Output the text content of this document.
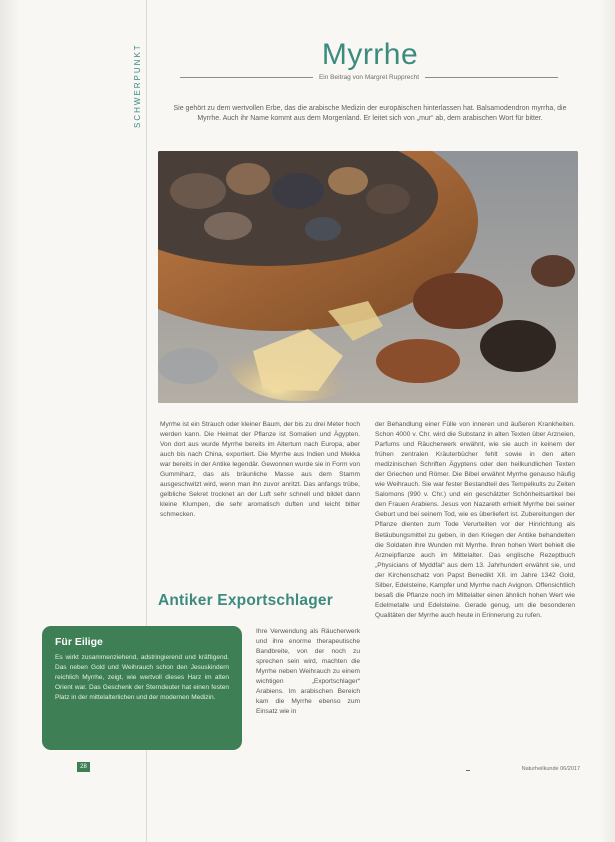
SCHWERPUNKT	Myrrhe
Ein Beitrag von Margret Rupprecht

Sie gehört zu dem wertvollen Erbe, das die arabische Medizin der europäischen hinterlassen hat. Balsamodendron myrrha, die Myrrhe. Auch ihr Name kommt aus dem Morgenland. Er leitet sich von „mur“ ab, dem arabischen Wort für bitter.

Myrrhe ist ein Strauch oder kleiner Baum, der bis zu drei Meter hoch werden kann. Die Heimat der Pflanze ist Somalien und Ägypten. Von dort aus wurde Myrrhe bereits im Altertum nach Europa, aber auch bis nach China, exportiert. Die Myrrhe aus Indien und Mekka war bereits in der Antike legendär. Gewonnen wurde sie in Form von Gummiharz, das als bräunliche Masse aus dem Stamm ausgeschwitzt wird, wenn man ihn zuvor anritzt. Das anfangs trübe, gelbliche Sekret trocknet an der Luft sehr schnell und bildet dann kleine Klumpen, die sehr aromatisch duften und leicht bitter schmecken.
Antiker Exportschlager
Ihre Verwendung als Räucherwerk und ihre enorme therapeutische Bandbreite, von der noch zu sprechen sein wird, machten die Myrrhe neben Weihrauch zu einem wichtigen „Exportschlager“ Arabiens. Im arabischen Bereich kam die Myrrhe ebenso zum Einsatz wie in
der Behandlung einer Fülle von inneren und äußeren Krankheiten. Schon 4000 v. Chr. wird die Substanz in alten Texten über Arzneien, Parfums und Räucherwerk erwähnt, wie sie auch in keinem der frühen zentralen Kräuterbücher fehlt sowie in den alten medizinischen Schriften Ägyptens oder den heilkundlichen Texten der Griechen und Römer. Die Bibel erwähnt Myrrhe genauso häufig wie Weihrauch. Sie war fester Bestandteil des Tempelkults zu Zeiten Salomons (990 v. Chr.) und ein geschätzter Schönheitsartikel bei den Frauen Arabiens. Jesus von Nazareth erhielt Myrrhe bei seiner Geburt und bei seinem Tod, wie es überliefert ist. Zubereitungen der Pflanze dienten zum Tode Verurteilten vor der Hinrichtung als Betäubungsmittel zu geben, in den Kriegen der Antike behandelten die Soldaten ihre Wunden mit Myrrhe. Ihren hohen Wert behielt die Arzneipflanze auch im Mittelalter. Das englische Rezeptbuch „Physicians of Myddfai“ aus dem 13. Jahrhundert erwähnt sie, und der Kirchenschatz von Papst Benedikt XII. im Jahre 1342 Gold, Silber, Edelsteine, Kampfer und Myrrhe nach Avignon. Offensichtlich besaß die Pflanze noch im Mittelalter einen ähnlich hohen Wert wie Edelmetalle und Edelsteine. Gerade genug, um die besonderen Qualitäten der Myrrhe auch heute in Erinnerung zu rufen.
Für Eilige

Es wirkt zusammenziehend, adstringierend und kräftigend. Das neben Gold und Weihrauch schon den Jesuskindern reichlich Myrrhe, zeigt, wie wertvoll dieses Harz im alten Orient war. Das Geschenk der Sterndeuter hat einen festen Platz in der mittelalterlichen und der modernen Medizin.

28	Naturheilkunde 06/2017
